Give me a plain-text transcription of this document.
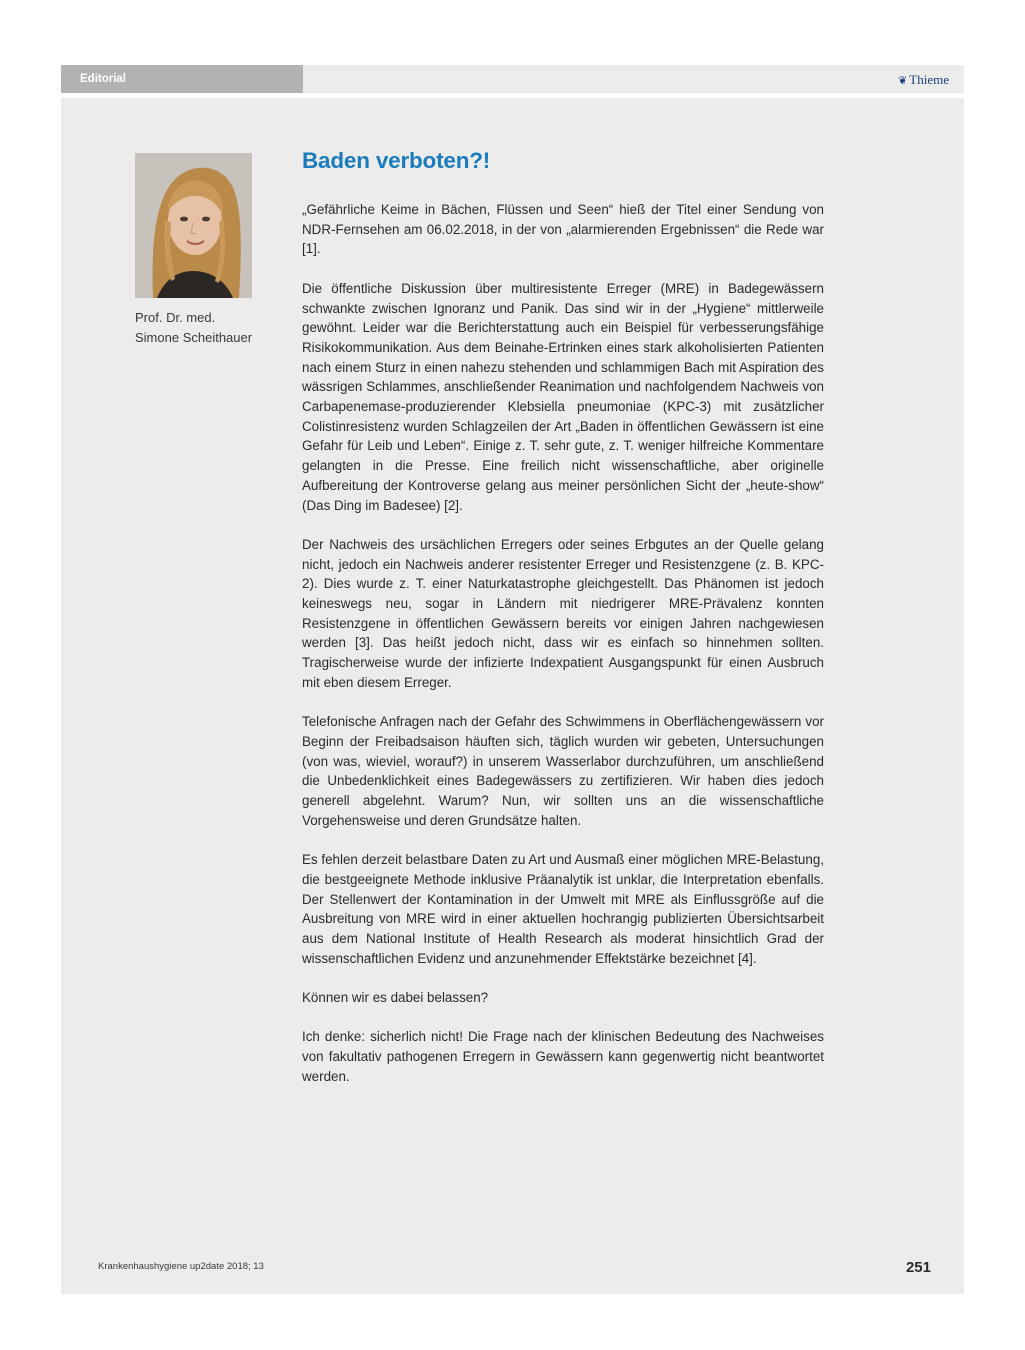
Editorial	❦ Thieme
Prof. Dr. med.
Simone Scheithauer
Baden verboten?!

„Gefährliche Keime in Bächen, Flüssen und Seen“ hieß der Titel einer Sendung von NDR-Fernsehen am 06.02.2018, in der von „alarmierenden Ergebnissen“ die Rede war [1].

Die öffentliche Diskussion über multiresistente Erreger (MRE) in Badegewässern schwankte zwischen Ignoranz und Panik. Das sind wir in der „Hygiene“ mittlerweile gewöhnt. Leider war die Berichterstattung auch ein Beispiel für verbesserungsfähige Risikokommunikation. Aus dem Beinahe-Ertrinken eines stark alkoholisierten Patienten nach einem Sturz in einen nahezu stehenden und schlammigen Bach mit Aspiration des wässrigen Schlammes, anschließender Reanimation und nachfolgendem Nachweis von Carbapenemase-produzierender Klebsiella pneumoniae (KPC-3) mit zusätzlicher Colistinresistenz wurden Schlagzeilen der Art „Baden in öffentlichen Gewässern ist eine Gefahr für Leib und Leben“. Einige z. T. sehr gute, z. T. weniger hilfreiche Kommentare gelangten in die Presse. Eine freilich nicht wissenschaftliche, aber originelle Aufbereitung der Kontroverse gelang aus meiner persönlichen Sicht der „heute-show“ (Das Ding im Badesee) [2].

Der Nachweis des ursächlichen Erregers oder seines Erbgutes an der Quelle gelang nicht, jedoch ein Nachweis anderer resistenter Erreger und Resistenzgene (z. B. KPC-2). Dies wurde z. T. einer Naturkatastrophe gleichgestellt. Das Phänomen ist jedoch keineswegs neu, sogar in Ländern mit niedrigerer MRE-Prävalenz konnten Resistenzgene in öffentlichen Gewässern bereits vor einigen Jahren nachgewiesen werden [3]. Das heißt jedoch nicht, dass wir es einfach so hinnehmen sollten. Tragischerweise wurde der infizierte Indexpatient Ausgangspunkt für einen Ausbruch mit eben diesem Erreger.

Telefonische Anfragen nach der Gefahr des Schwimmens in Oberflächengewässern vor Beginn der Freibadsaison häuften sich, täglich wurden wir gebeten, Untersuchungen (von was, wieviel, worauf?) in unserem Wasserlabor durchzuführen, um anschließend die Unbedenklichkeit eines Badegewässers zu zertifizieren. Wir haben dies jedoch generell abgelehnt. Warum? Nun, wir sollten uns an die wissenschaftliche Vorgehensweise und deren Grundsätze halten.

Es fehlen derzeit belastbare Daten zu Art und Ausmaß einer möglichen MRE-Belastung, die bestgeeignete Methode inklusive Präanalytik ist unklar, die Interpretation ebenfalls. Der Stellenwert der Kontamination in der Umwelt mit MRE als Einflussgröße auf die Ausbreitung von MRE wird in einer aktuellen hochrangig publizierten Übersichtsarbeit aus dem National Institute of Health Research als moderat hinsichtlich Grad der wissenschaftlichen Evidenz und anzunehmender Effektstärke bezeichnet [4].

Können wir es dabei belassen?

Ich denke: sicherlich nicht! Die Frage nach der klinischen Bedeutung des Nachweises von fakultativ pathogenen Erregern in Gewässern kann gegenwertig nicht beantwortet werden.

Krankenhaushygiene up2date 2018; 13	251
